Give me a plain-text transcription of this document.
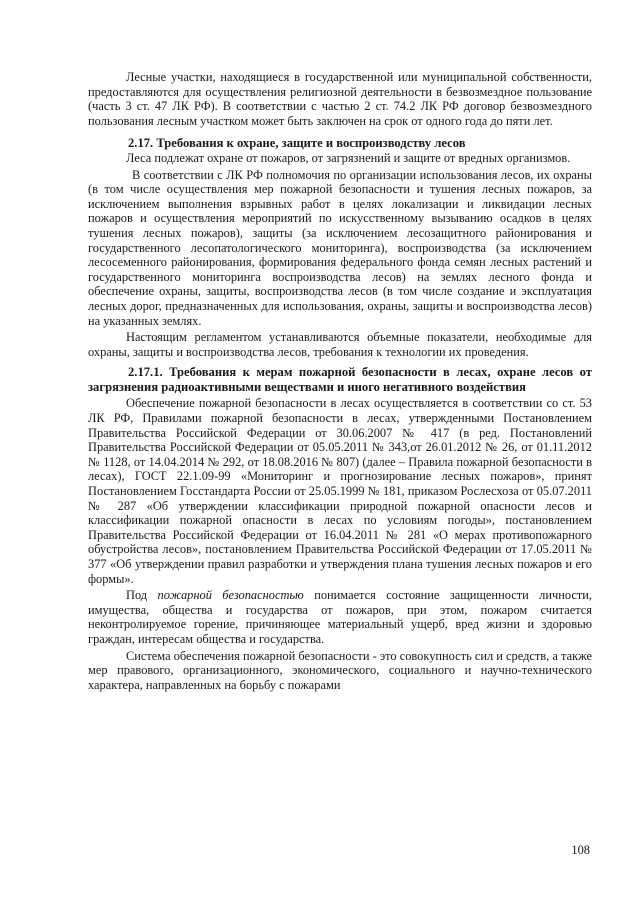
Лесные участки, находящиеся в государственной или муниципальной собственности, предоставляются для осуществления религиозной деятельности в безвозмездное пользование (часть 3 ст. 47 ЛК РФ). В соответствии с частью 2 ст. 74.2 ЛК РФ договор безвозмездного пользования лесным участком может быть заключен на срок от одного года до пяти лет.

2.17. Требования к охране, защите и воспроизводству лесов

Леса подлежат охране от пожаров, от загрязнений и защите от вредных организмов.

В соответствии с ЛК РФ полномочия по организации использования лесов, их охраны (в том числе осуществления мер пожарной безопасности и тушения лесных пожаров, за исключением выполнения взрывных работ в целях локализации и ликвидации лесных пожаров и осуществления мероприятий по искусственному вызыванию осадков в целях тушения лесных пожаров), защиты (за исключением лесозащитного районирования и государственного лесопатологического мониторинга), воспроизводства (за исключением лесосеменного районирования, формирования федерального фонда семян лесных растений и государственного мониторинга воспроизводства лесов) на землях лесного фонда и обеспечение охраны, защиты, воспроизводства лесов (в том числе создание и эксплуатация лесных дорог, предназначенных для использования, охраны, защиты и воспроизводства лесов) на указанных землях.

Настоящим регламентом устанавливаются объемные показатели, необходимые для охраны, защиты и воспроизводства лесов, требования к технологии их проведения.

2.17.1. Требования к мерам пожарной безопасности в лесах, охране лесов от загрязнения радиоактивными веществами и иного негативного воздействия

Обеспечение пожарной безопасности в лесах осуществляется в соответствии со ст. 53 ЛК РФ, Правилами пожарной безопасности в лесах, утвержденными Постановлением Правительства Российской Федерации от 30.06.2007 № 417 (в ред. Постановлений Правительства Российской Федерации от 05.05.2011 № 343,от 26.01.2012 № 26, от 01.11.2012 № 1128, от 14.04.2014 № 292, от 18.08.2016 № 807) (далее – Правила пожарной безопасности в лесах), ГОСТ 22.1.09-99 «Мониторинг и прогнозирование лесных пожаров», принят Постановлением Госстандарта России от 25.05.1999 № 181, приказом Рослесхоза от 05.07.2011 № 287 «Об утверждении классификации природной пожарной опасности лесов и классификации пожарной опасности в лесах по условиям погоды», постановлением Правительства Российской Федерации от 16.04.2011 № 281 «О мерах противопожарного обустройства лесов», постановлением Правительства Российской Федерации от 17.05.2011 № 377 «Об утверждении правил разработки и утверждения плана тушения лесных пожаров и его формы».

Под пожарной безопасностью понимается состояние защищенности личности, имущества, общества и государства от пожаров, при этом, пожаром считается неконтролируемое горение, причиняющее материальный ущерб, вред жизни и здоровью граждан, интересам общества и государства.

Система обеспечения пожарной безопасности - это совокупность сил и средств, а также мер правового, организационного, экономического, социального и научно-технического характера, направленных на борьбу с пожарами

108
